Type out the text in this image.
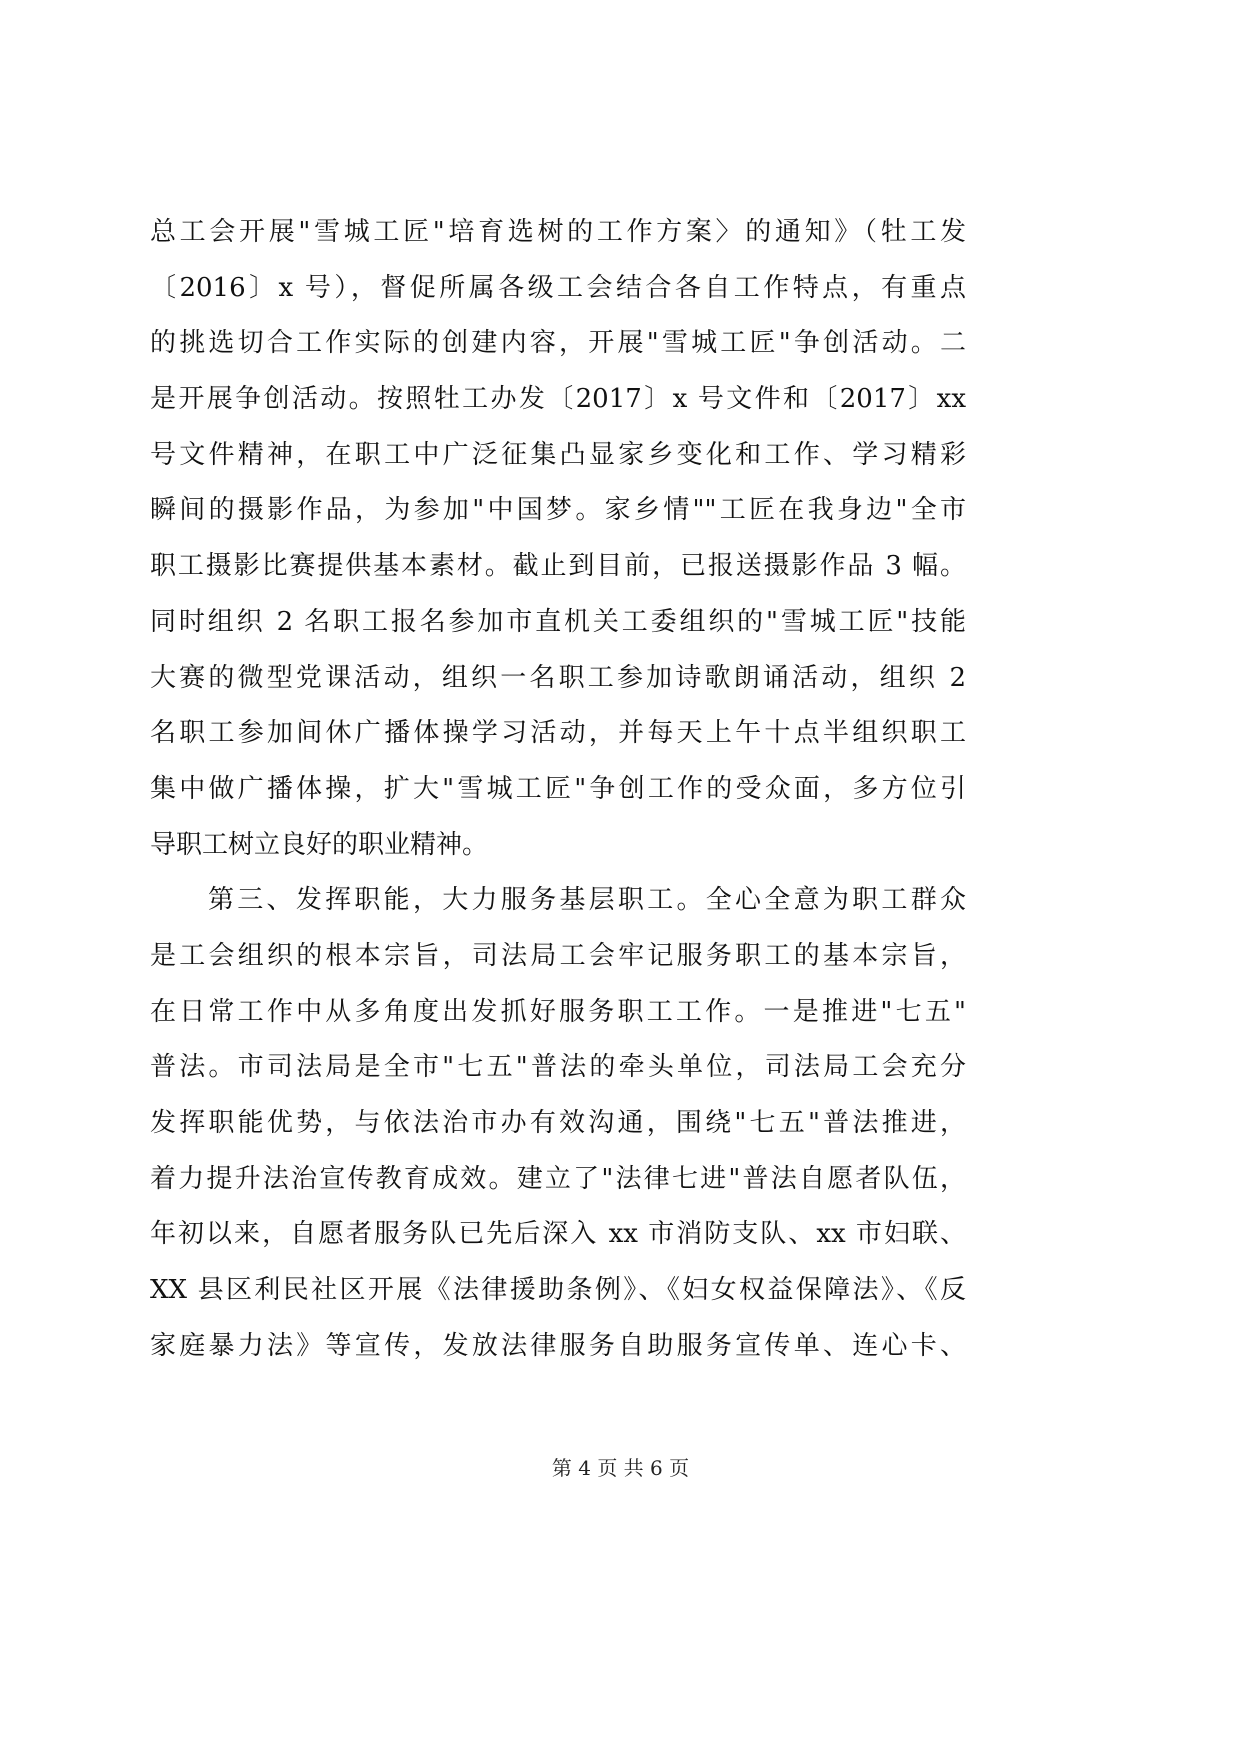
总工会开展"雪城工匠"培育选树的工作方案〉的通知》（牡工发
〔2016〕x 号），督促所属各级工会结合各自工作特点，有重点
的挑选切合工作实际的创建内容，开展"雪城工匠"争创活动。二
是开展争创活动。按照牡工办发〔2017〕x 号文件和〔2017〕xx
号文件精神，在职工中广泛征集凸显家乡变化和工作、学习精彩
瞬间的摄影作品，为参加"中国梦。家乡情""工匠在我身边"全市
职工摄影比赛提供基本素材。截止到目前，已报送摄影作品 3 幅。
同时组织 2 名职工报名参加市直机关工委组织的"雪城工匠"技能
大赛的微型党课活动，组织一名职工参加诗歌朗诵活动，组织 2
名职工参加间休广播体操学习活动，并每天上午十点半组织职工
集中做广播体操，扩大"雪城工匠"争创工作的受众面，多方位引
导职工树立良好的职业精神。
第三、发挥职能，大力服务基层职工。全心全意为职工群众
是工会组织的根本宗旨，司法局工会牢记服务职工的基本宗旨，
在日常工作中从多角度出发抓好服务职工工作。一是推进"七五"
普法。市司法局是全市"七五"普法的牵头单位，司法局工会充分
发挥职能优势，与依法治市办有效沟通，围绕"七五"普法推进，
着力提升法治宣传教育成效。建立了"法律七进"普法自愿者队伍，
年初以来，自愿者服务队已先后深入 xx 市消防支队、xx 市妇联、
XX 县区利民社区开展《法律援助条例》、《妇女权益保障法》、《反
家庭暴力法》等宣传，发放法律服务自助服务宣传单、连心卡、
第 4 页 共 6 页
